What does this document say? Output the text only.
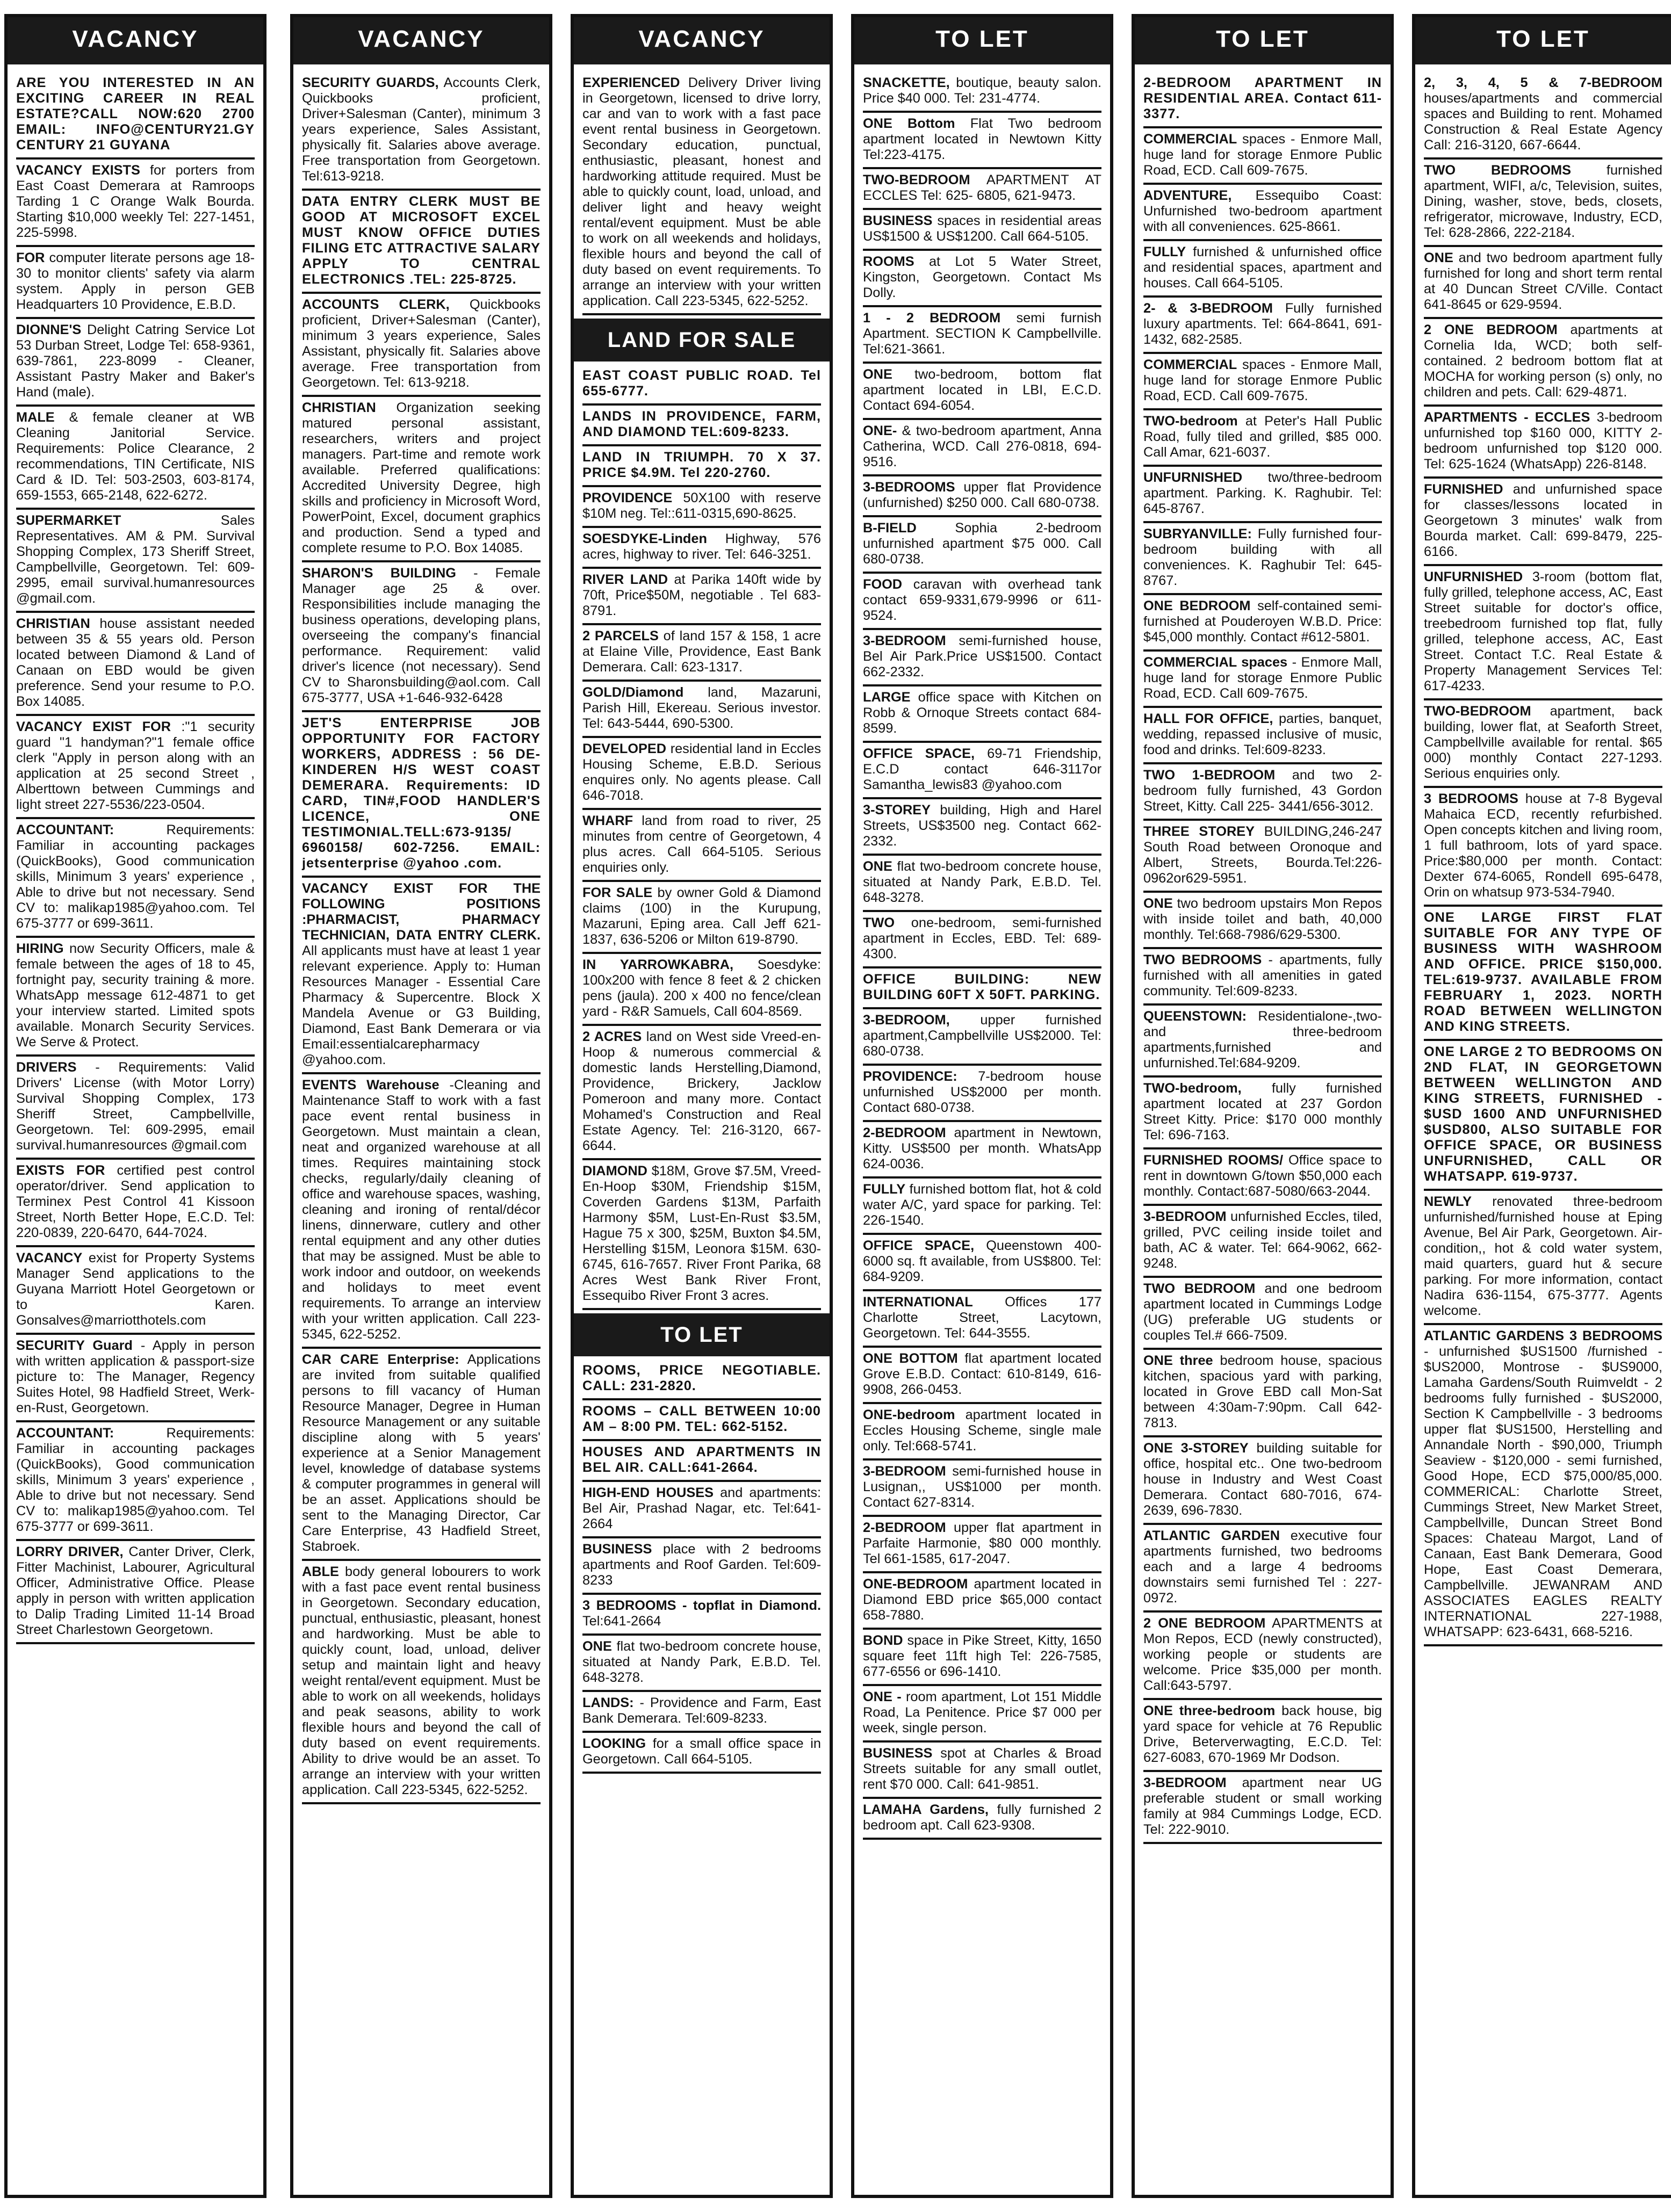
VACANCY

ARE YOU INTERESTED IN AN EXCITING CAREER IN REAL ESTATE?CALL NOW:620 2700 EMAIL: INFO@CENTURY21.GY CENTURY 21 GUYANA

VACANCY EXISTS for porters from East Coast Demerara at Ramroops Tarding 1 C Orange Walk Bourda. Starting $10,000 weekly Tel: 227-1451, 225-5998.

FOR computer literate persons age 18-30 to monitor clients' safety via alarm system. Apply in person GEB Headquarters 10 Providence, E.B.D.

DIONNE'S Delight Catring Service Lot 53 Durban Street, Lodge Tel: 658-9361, 639-7861, 223-8099 - Cleaner, Assistant Pastry Maker and Baker's Hand (male).

MALE & female cleaner at WB Cleaning Janitorial Service. Requirements: Police Clearance, 2 recommendations, TIN Certificate, NIS Card & ID. Tel: 503-2503, 603-8174, 659-1553, 665-2148, 622-6272.

SUPERMARKET Sales Representatives. AM & PM. Survival Shopping Complex, 173 Sheriff Street, Campbellville, Georgetown. Tel: 609-2995, email survival.humanresources @gmail.com.

CHRISTIAN house assistant needed between 35 & 55 years old. Person located between Diamond & Land of Canaan on EBD would be given preference. Send your resume to P.O. Box 14085.

VACANCY EXIST FOR :"1 security guard "1 handyman?"1 female office clerk "Apply in person along with an application at 25 second Street , Alberttown between Cummings and light street 227-5536/223-0504.

ACCOUNTANT: Requirements: Familiar in accounting packages (QuickBooks), Good communication skills, Minimum 3 years' experience , Able to drive but not necessary. Send CV to: malikap1985@yahoo.com. Tel 675-3777 or 699-3611.

HIRING now Security Officers, male & female between the ages of 18 to 45, fortnight pay, security training & more. WhatsApp message 612-4871 to get your interview started. Limited spots available. Monarch Security Services. We Serve & Protect.

DRIVERS - Requirements: Valid Drivers' License (with Motor Lorry) Survival Shopping Complex, 173 Sheriff Street, Campbellville, Georgetown. Tel: 609-2995, email survival.humanresources @gmail.com

EXISTS FOR certified pest control operator/driver. Send application to Terminex Pest Control 41 Kissoon Street, North Better Hope, E.C.D. Tel: 220-0839, 220-6470, 644-7024.

VACANCY exist for Property Systems Manager Send applications to the Guyana Marriott Hotel Georgetown or to Karen. Gonsalves@marriotthotels.com

SECURITY Guard - Apply in person with written application & passport-size picture to: The Manager, Regency Suites Hotel, 98 Hadfield Street, Werk-en-Rust, Georgetown.

ACCOUNTANT: Requirements: Familiar in accounting packages (QuickBooks), Good communication skills, Minimum 3 years' experience , Able to drive but not necessary. Send CV to: malikap1985@yahoo.com. Tel 675-3777 or 699-3611.

LORRY DRIVER, Canter Driver, Clerk, Fitter Machinist, Labourer, Agricultural Officer, Administrative Office. Please apply in person with written application to Dalip Trading Limited 11-14 Broad Street Charlestown Georgetown.

VACANCY

SECURITY GUARDS, Accounts Clerk, Quickbooks proficient, Driver+Salesman (Canter), minimum 3 years experience, Sales Assistant, physically fit. Salaries above average. Free transportation from Georgetown. Tel:613-9218.

DATA ENTRY CLERK MUST BE GOOD AT MICROSOFT EXCEL MUST KNOW OFFICE DUTIES FILING ETC ATTRACTIVE SALARY APPLY TO CENTRAL ELECTRONICS .TEL: 225-8725.

ACCOUNTS CLERK, Quickbooks proficient, Driver+Salesman (Canter), minimum 3 years experience, Sales Assistant, physically fit. Salaries above average. Free transportation from Georgetown. Tel: 613-9218.

CHRISTIAN Organization seeking matured personal assistant, researchers, writers and project managers. Part-time and remote work available. Preferred qualifications: Accredited University Degree, high skills and proficiency in Microsoft Word, PowerPoint, Excel, document graphics and production. Send a typed and complete resume to P.O. Box 14085.

SHARON'S BUILDING - Female Manager age 25 & over. Responsibilities include managing the business operations, developing plans, overseeing the company's financial performance. Requirement: valid driver's licence (not necessary). Send CV to Sharonsbuilding@aol.com. Call 675-3777, USA +1-646-932-6428

JET'S ENTERPRISE JOB OPPORTUNITY FOR FACTORY WORKERS, ADDRESS : 56 DE-KINDEREN H/S WEST COAST DEMERARA. Requirements: ID CARD, TIN#,FOOD HANDLER'S LICENCE, ONE TESTIMONIAL.TELL:673-9135/ 6960158/ 602-7256. EMAIL: jetsenterprise @yahoo .com.

VACANCY EXIST FOR THE FOLLOWING POSITIONS :PHARMACIST, PHARMACY TECHNICIAN, DATA ENTRY CLERK. All applicants must have at least 1 year relevant experience. Apply to: Human Resources Manager - Essential Care Pharmacy & Supercentre. Block X Mandela Avenue or G3 Building, Diamond, East Bank Demerara or via Email:essentialcarepharmacy @yahoo.com.

EVENTS Warehouse -Cleaning and Maintenance Staff to work with a fast pace event rental business in Georgetown. Must maintain a clean, neat and organized warehouse at all times. Requires maintaining stock checks, regularly/daily cleaning of office and warehouse spaces, washing, cleaning and ironing of rental/décor linens, dinnerware, cutlery and other rental equipment and any other duties that may be assigned. Must be able to work indoor and outdoor, on weekends and holidays to meet event requirements. To arrange an interview with your written application. Call 223-5345, 622-5252.

CAR CARE Enterprise: Applications are invited from suitable qualified persons to fill vacancy of Human Resource Manager, Degree in Human Resource Management or any suitable discipline along with 5 years' experience at a Senior Management level, knowledge of database systems & computer programmes in general will be an asset. Applications should be sent to the Managing Director, Car Care Enterprise, 43 Hadfield Street, Stabroek.

ABLE body general lobourers to work with a fast pace event rental business in Georgetown. Secondary education, punctual, enthusiastic, pleasant, honest and hardworking. Must be able to quickly count, load, unload, deliver setup and maintain light and heavy weight rental/event equipment. Must be able to work on all weekends, holidays and peak seasons, ability to work flexible hours and beyond the call of duty based on event requirements. Ability to drive would be an asset. To arrange an interview with your written application. Call 223-5345, 622-5252.

VACANCY

EXPERIENCED Delivery Driver living in Georgetown, licensed to drive lorry, car and van to work with a fast pace event rental business in Georgetown. Secondary education, punctual, enthusiastic, pleasant, honest and hardworking attitude required. Must be able to quickly count, load, unload, and deliver light and heavy weight rental/event equipment. Must be able to work on all weekends and holidays, flexible hours and beyond the call of duty based on event requirements. To arrange an interview with your written application. Call 223-5345, 622-5252.

LAND FOR SALE

EAST COAST PUBLIC ROAD. Tel 655-6777.

LANDS IN PROVIDENCE, FARM, AND DIAMOND TEL:609-8233.

LAND IN TRIUMPH. 70 X 37. PRICE $4.9M. Tel 220-2760.

PROVIDENCE 50X100 with reserve $10M neg. Tel::611-0315,690-8625.

SOESDYKE-Linden Highway, 576 acres, highway to river. Tel: 646-3251.

RIVER LAND at Parika 140ft wide by 70ft, Price$50M, negotiable . Tel 683-8791.

2 PARCELS of land 157 & 158, 1 acre at Elaine Ville, Providence, East Bank Demerara. Call: 623-1317.

GOLD/Diamond land, Mazaruni, Parish Hill, Ekereau. Serious investor. Tel: 643-5444, 690-5300.

DEVELOPED residential land in Eccles Housing Scheme, E.B.D. Serious enquires only. No agents please. Call 646-7018.

WHARF land from road to river, 25 minutes from centre of Georgetown, 4 plus acres. Call 664-5105. Serious enquiries only.

FOR SALE by owner Gold & Diamond claims (100) in the Kurupung, Mazaruni, Eping area. Call Jeff 621-1837, 636-5206 or Milton 619-8790.

IN YARROWKABRA, Soesdyke: 100x200 with fence 8 feet & 2 chicken pens (jaula). 200 x 400 no fence/clean yard - R&R Samuels, Call 604-8569.

2 ACRES land on West side Vreed-en-Hoop & numerous commercial & domestic lands Herstelling,Diamond, Providence, Brickery, Jacklow Pomeroon and many more. Contact Mohamed's Construction and Real Estate Agency. Tel: 216-3120, 667-6644.

DIAMOND $18M, Grove $7.5M, Vreed-En-Hoop $30M, Friendship $15M, Coverden Gardens $13M, Parfaith Harmony $5M, Lust-En-Rust $3.5M, Hague 75 x 300, $25M, Buxton $4.5M, Herstelling $15M, Leonora $15M. 630-6745, 616-7657. River Front Parika, 68 Acres West Bank River Front, Essequibo River Front 3 acres.

TO LET

ROOMS, PRICE NEGOTIABLE. CALL: 231-2820.

ROOMS – CALL BETWEEN 10:00 AM – 8:00 PM. TEL: 662-5152.

HOUSES AND APARTMENTS IN BEL AIR. CALL:641-2664.

HIGH-END HOUSES and apartments: Bel Air, Prashad Nagar, etc. Tel:641-2664

BUSINESS place with 2 bedrooms apartments and Roof Garden. Tel:609-8233

3 BEDROOMS - topflat in Diamond. Tel:641-2664

ONE flat two-bedroom concrete house, situated at Nandy Park, E.B.D. Tel. 648-3278.

LANDS: - Providence and Farm, East Bank Demerara. Tel:609-8233.

LOOKING for a small office space in Georgetown. Call 664-5105.

TO LET

SNACKETTE, boutique, beauty salon. Price $40 000. Tel: 231-4774.

ONE Bottom Flat Two bedroom apartment located in Newtown Kitty Tel:223-4175.

TWO-BEDROOM APARTMENT AT ECCLES Tel: 625- 6805, 621-9473.

BUSINESS spaces in residential areas US$1500 & US$1200. Call 664-5105.

ROOMS at Lot 5 Water Street, Kingston, Georgetown. Contact Ms Dolly.

1 - 2 BEDROOM semi furnish Apartment. SECTION K Campbellville. Tel:621-3661.

ONE two-bedroom, bottom flat apartment located in LBI, E.C.D. Contact 694-6054.

ONE- & two-bedroom apartment, Anna Catherina, WCD. Call 276-0818, 694-9516.

3-BEDROOMS upper flat Providence (unfurnished) $250 000. Call 680-0738.

B-FIELD Sophia 2-bedroom unfurnished apartment $75 000. Call 680-0738.

FOOD caravan with overhead tank contact 659-9331,679-9996 or 611-9524.

3-BEDROOM semi-furnished house, Bel Air Park.Price US$1500. Contact 662-2332.

LARGE office space with Kitchen on Robb & Ornoque Streets contact 684-8599.

OFFICE SPACE, 69-71 Friendship, E.C.D contact 646-3117or Samantha_lewis83 @yahoo.com

3-STOREY building, High and Harel Streets, US$3500 neg. Contact 662-2332.

ONE flat two-bedroom concrete house, situated at Nandy Park, E.B.D. Tel. 648-3278.

TWO one-bedroom, semi-furnished apartment in Eccles, EBD. Tel: 689-4300.

OFFICE BUILDING: NEW BUILDING 60FT X 50FT. PARKING.

3-BEDROOM, upper furnished apartment,Campbellville US$2000. Tel: 680-0738.

PROVIDENCE: 7-bedroom house unfurnished US$2000 per month. Contact 680-0738.

2-BEDROOM apartment in Newtown, Kitty. US$500 per month. WhatsApp 624-0036.

FULLY furnished bottom flat, hot & cold water A/C, yard space for parking. Tel: 226-1540.

OFFICE SPACE, Queenstown 400-6000 sq. ft available, from US$800. Tel: 684-9209.

INTERNATIONAL Offices 177 Charlotte Street, Lacytown, Georgetown. Tel: 644-3555.

ONE BOTTOM flat apartment located Grove E.B.D. Contact: 610-8149, 616-9908, 266-0453.

ONE-bedroom apartment located in Eccles Housing Scheme, single male only. Tel:668-5741.

3-BEDROOM semi-furnished house in Lusignan,, US$1000 per month. Contact 627-8314.

2-BEDROOM upper flat apartment in Parfaite Harmonie, $80 000 monthly. Tel 661-1585, 617-2047.

ONE-BEDROOM apartment located in Diamond EBD price $65,000 contact 658-7880.

BOND space in Pike Street, Kitty, 1650 square feet 11ft high Tel: 226-7585, 677-6556 or 696-1410.

ONE - room apartment, Lot 151 Middle Road, La Penitence. Price $7 000 per week, single person.

BUSINESS spot at Charles & Broad Streets suitable for any small outlet, rent $70 000. Call: 641-9851.

LAMAHA Gardens, fully furnished 2 bedroom apt. Call 623-9308.

TO LET

2-BEDROOM APARTMENT IN RESIDENTIAL AREA. Contact 611-3377.

COMMERCIAL spaces - Enmore Mall, huge land for storage Enmore Public Road, ECD. Call 609-7675.

ADVENTURE, Essequibo Coast: Unfurnished two-bedroom apartment with all conveniences. 625-8661.

FULLY furnished & unfurnished office and residential spaces, apartment and houses. Call 664-5105.

2- & 3-BEDROOM Fully furnished luxury apartments. Tel: 664-8641, 691-1432, 682-2585.

COMMERCIAL spaces - Enmore Mall, huge land for storage Enmore Public Road, ECD. Call 609-7675.

TWO-bedroom at Peter's Hall Public Road, fully tiled and grilled, $85 000. Call Amar, 621-6037.

UNFURNISHED two/three-bedroom apartment. Parking. K. Raghubir. Tel: 645-8767.

SUBRYANVILLE: Fully furnished four-bedroom building with all conveniences. K. Raghubir Tel: 645-8767.

ONE BEDROOM self-contained semi-furnished at Pouderoyen W.B.D. Price: $45,000 monthly. Contact #612-5801.

COMMERCIAL spaces - Enmore Mall, huge land for storage Enmore Public Road, ECD. Call 609-7675.

HALL FOR OFFICE, parties, banquet, wedding, repassed inclusive of music, food and drinks. Tel:609-8233.

TWO 1-BEDROOM and two 2-bedroom fully furnished, 43 Gordon Street, Kitty. Call 225- 3441/656-3012.

THREE STOREY BUILDING,246-247 South Road between Oronoque and Albert, Streets, Bourda.Tel:226-0962or629-5951.

ONE two bedroom upstairs Mon Repos with inside toilet and bath, 40,000 monthly. Tel:668-7986/629-5300.

TWO BEDROOMS - apartments, fully furnished with all amenities in gated community. Tel:609-8233.

QUEENSTOWN: Residentialone-,two-and three-bedroom apartments,furnished and unfurnished.Tel:684-9209.

TWO-bedroom, fully furnished apartment located at 237 Gordon Street Kitty. Price: $170 000 monthly Tel: 696-7163.

FURNISHED ROOMS/ Office space to rent in downtown G/town $50,000 each monthly. Contact:687-5080/663-2044.

3-BEDROOM unfurnished Eccles, tiled, grilled, PVC ceiling inside toilet and bath, AC & water. Tel: 664-9062, 662-9248.

TWO BEDROOM and one bedroom apartment located in Cummings Lodge (UG) preferable UG students or couples Tel.# 666-7509.

ONE three bedroom house, spacious kitchen, spacious yard with parking, located in Grove EBD call Mon-Sat between 4:30am-7:90pm. Call 642-7813.

ONE 3-STOREY building suitable for office, hospital etc.. One two-bedroom house in Industry and West Coast Demerara. Contact 680-7016, 674-2639, 696-7830.

ATLANTIC GARDEN executive four apartments furnished, two bedrooms each and a large 4 bedrooms downstairs semi furnished Tel : 227-0972.

2 ONE BEDROOM APARTMENTS at Mon Repos, ECD (newly constructed), working people or students are welcome. Price $35,000 per month. Call:643-5797.

ONE three-bedroom back house, big yard space for vehicle at 76 Republic Drive, Beterverwagting, E.C.D. Tel: 627-6083, 670-1969 Mr Dodson.

3-BEDROOM apartment near UG preferable student or small working family at 984 Cummings Lodge, ECD. Tel: 222-9010.

TO LET

2, 3, 4, 5 & 7-BEDROOM houses/apartments and commercial spaces and Building to rent. Mohamed Construction & Real Estate Agency Call: 216-3120, 667-6644.

TWO BEDROOMS furnished apartment, WIFI, a/c, Television, suites, Dining, washer, stove, beds, closets, refrigerator, microwave, Industry, ECD, Tel: 628-2866, 222-2184.

ONE and two bedroom apartment fully furnished for long and short term rental at 40 Duncan Street C/Ville. Contact 641-8645 or 629-9594.

2 ONE BEDROOM apartments at Cornelia Ida, WCD; both self-contained. 2 bedroom bottom flat at MOCHA for working person (s) only, no children and pets. Call: 629-4871.

APARTMENTS - ECCLES 3-bedroom unfurnished top $160 000, KITTY 2-bedroom unfurnished top $120 000. Tel: 625-1624 (WhatsApp) 226-8148.

FURNISHED and unfurnished space for classes/lessons located in Georgetown 3 minutes' walk from Bourda market. Call: 699-8479, 225-6166.

UNFURNISHED 3-room (bottom flat, fully grilled, telephone access, AC, East Street suitable for doctor's office, treebedroom furnished top flat, fully grilled, telephone access, AC, East Street. Contact T.C. Real Estate & Property Management Services Tel: 617-4233.

TWO-BEDROOM apartment, back building, lower flat, at Seaforth Street, Campbellville available for rental. $65 000) monthly Contact 227-1293. Serious enquiries only.

3 BEDROOMS house at 7-8 Bygeval Mahaica ECD, recently refurbished. Open concepts kitchen and living room, 1 full bathroom, lots of yard space. Price:$80,000 per month. Contact: Dexter 674-6065, Rondell 695-6478, Orin on whatsup 973-534-7940.

ONE LARGE FIRST FLAT SUITABLE FOR ANY TYPE OF BUSINESS WITH WASHROOM AND OFFICE. PRICE $150,000. TEL:619-9737. AVAILABLE FROM FEBRUARY 1, 2023. NORTH ROAD BETWEEN WELLINGTON AND KING STREETS.

ONE LARGE 2 TO BEDROOMS ON 2ND FLAT, IN GEORGETOWN BETWEEN WELLINGTON AND KING STREETS, FURNISHED - $USD 1600 AND UNFURNISHED $USD800, ALSO SUITABLE FOR OFFICE SPACE, OR BUSINESS UNFURNISHED, CALL OR WHATSAPP. 619-9737.

NEWLY renovated three-bedroom unfurnished/furnished house at Eping Avenue, Bel Air Park, Georgetown. Air-condition,, hot & cold water system, maid quarters, guard hut & secure parking. For more information, contact Nadira 636-1154, 675-3777. Agents welcome.

ATLANTIC GARDENS 3 BEDROOMS - unfurnished $US1500 /furnished - $US2000, Montrose - $US9000, Lamaha Gardens/South Ruimveldt - 2 bedrooms fully furnished - $US2000, Section K Campbellville - 3 bedrooms upper flat $US1500, Herstelling and Annandale North - $90,000, Triumph Seaview - $120,000 - semi furnished, Good Hope, ECD $75,000/85,000. COMMERICAL: Charlotte Street, Cummings Street, New Market Street, Campbellville, Duncan Street Bond Spaces: Chateau Margot, Land of Canaan, East Bank Demerara, Good Hope, East Coast Demerara, Campbellville. JEWANRAM AND ASSOCIATES EAGLES REALTY INTERNATIONAL 227-1988, WHATSAPP: 623-6431, 668-5216.
